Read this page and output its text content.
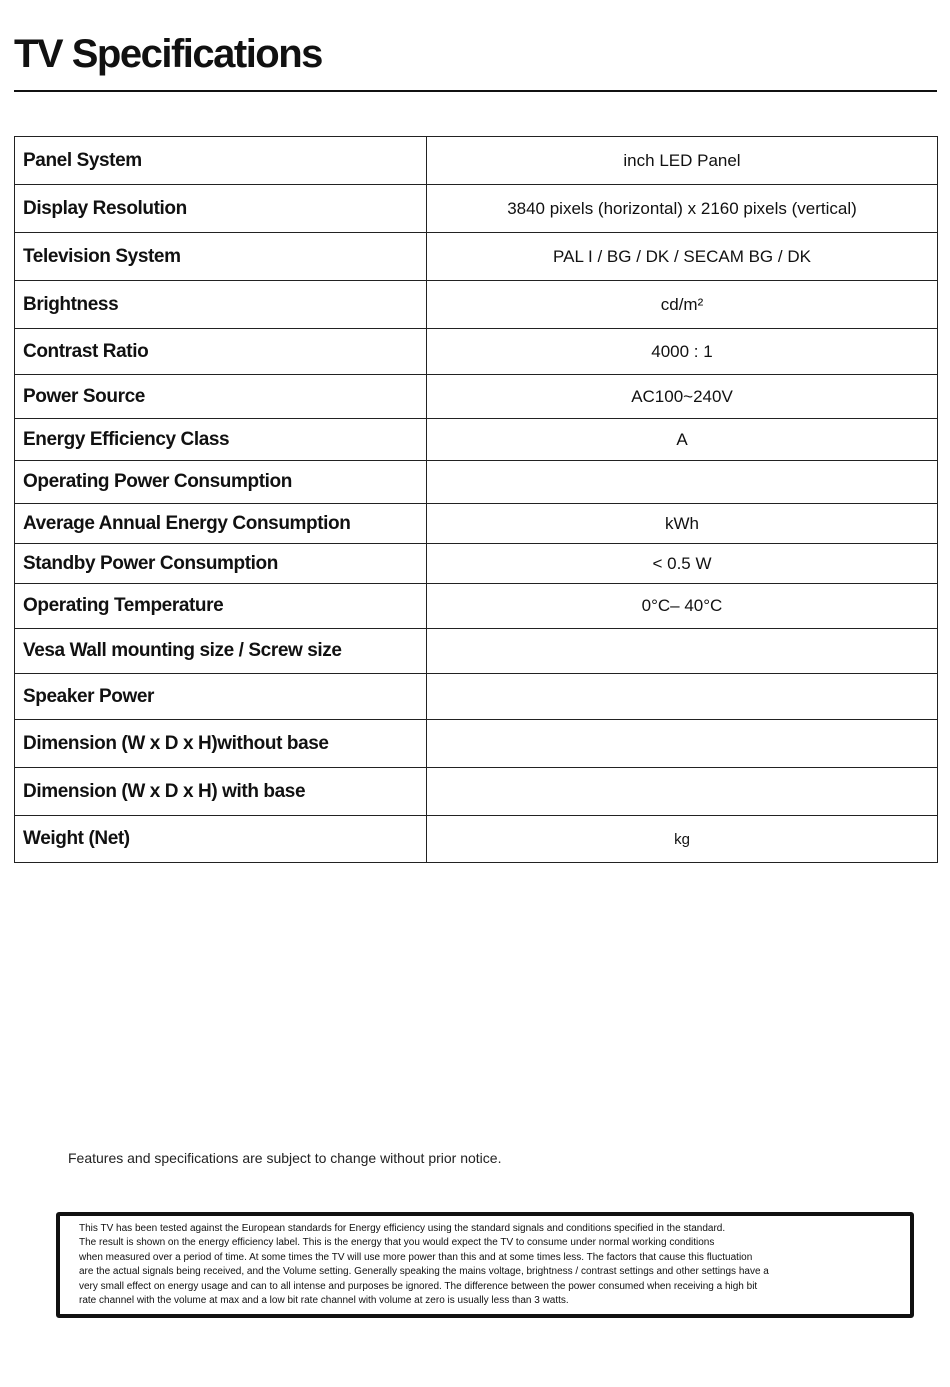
TV Specifications
Panel System	inch LED Panel
Display Resolution	3840 pixels (horizontal) x 2160 pixels (vertical)
Television System	PAL I / BG / DK / SECAM BG / DK
Brightness	cd/m²
Contrast Ratio	4000 : 1
Power Source	AC100~240V
Energy Efficiency Class	A
Operating Power Consumption	
Average Annual Energy Consumption	kWh
Standby Power Consumption	< 0.5 W
Operating Temperature	0°C– 40°C
Vesa Wall mounting size / Screw size	
Speaker Power	
Dimension (W x D x H)without base	
Dimension (W x D x H) with base	
Weight (Net)	kg
Features and specifications are subject to change without prior notice.
This TV has been tested against the European standards for Energy efficiency using the standard signals and conditions specified in the standard.
The result is shown on the energy efficiency label. This is the energy that you would expect the TV to consume under normal working conditions
when measured over a period of time. At some times the TV will use more power than this and at some times less. The factors that cause this fluctuation
are the actual signals being received, and the Volume setting. Generally speaking the mains voltage, brightness / contrast settings and other settings have a
very small effect on energy usage and can to all intense and purposes be ignored. The difference between the power consumed when receiving a high bit
rate channel with the volume at max and a low bit rate channel with volume at zero is usually less than 3 watts.
